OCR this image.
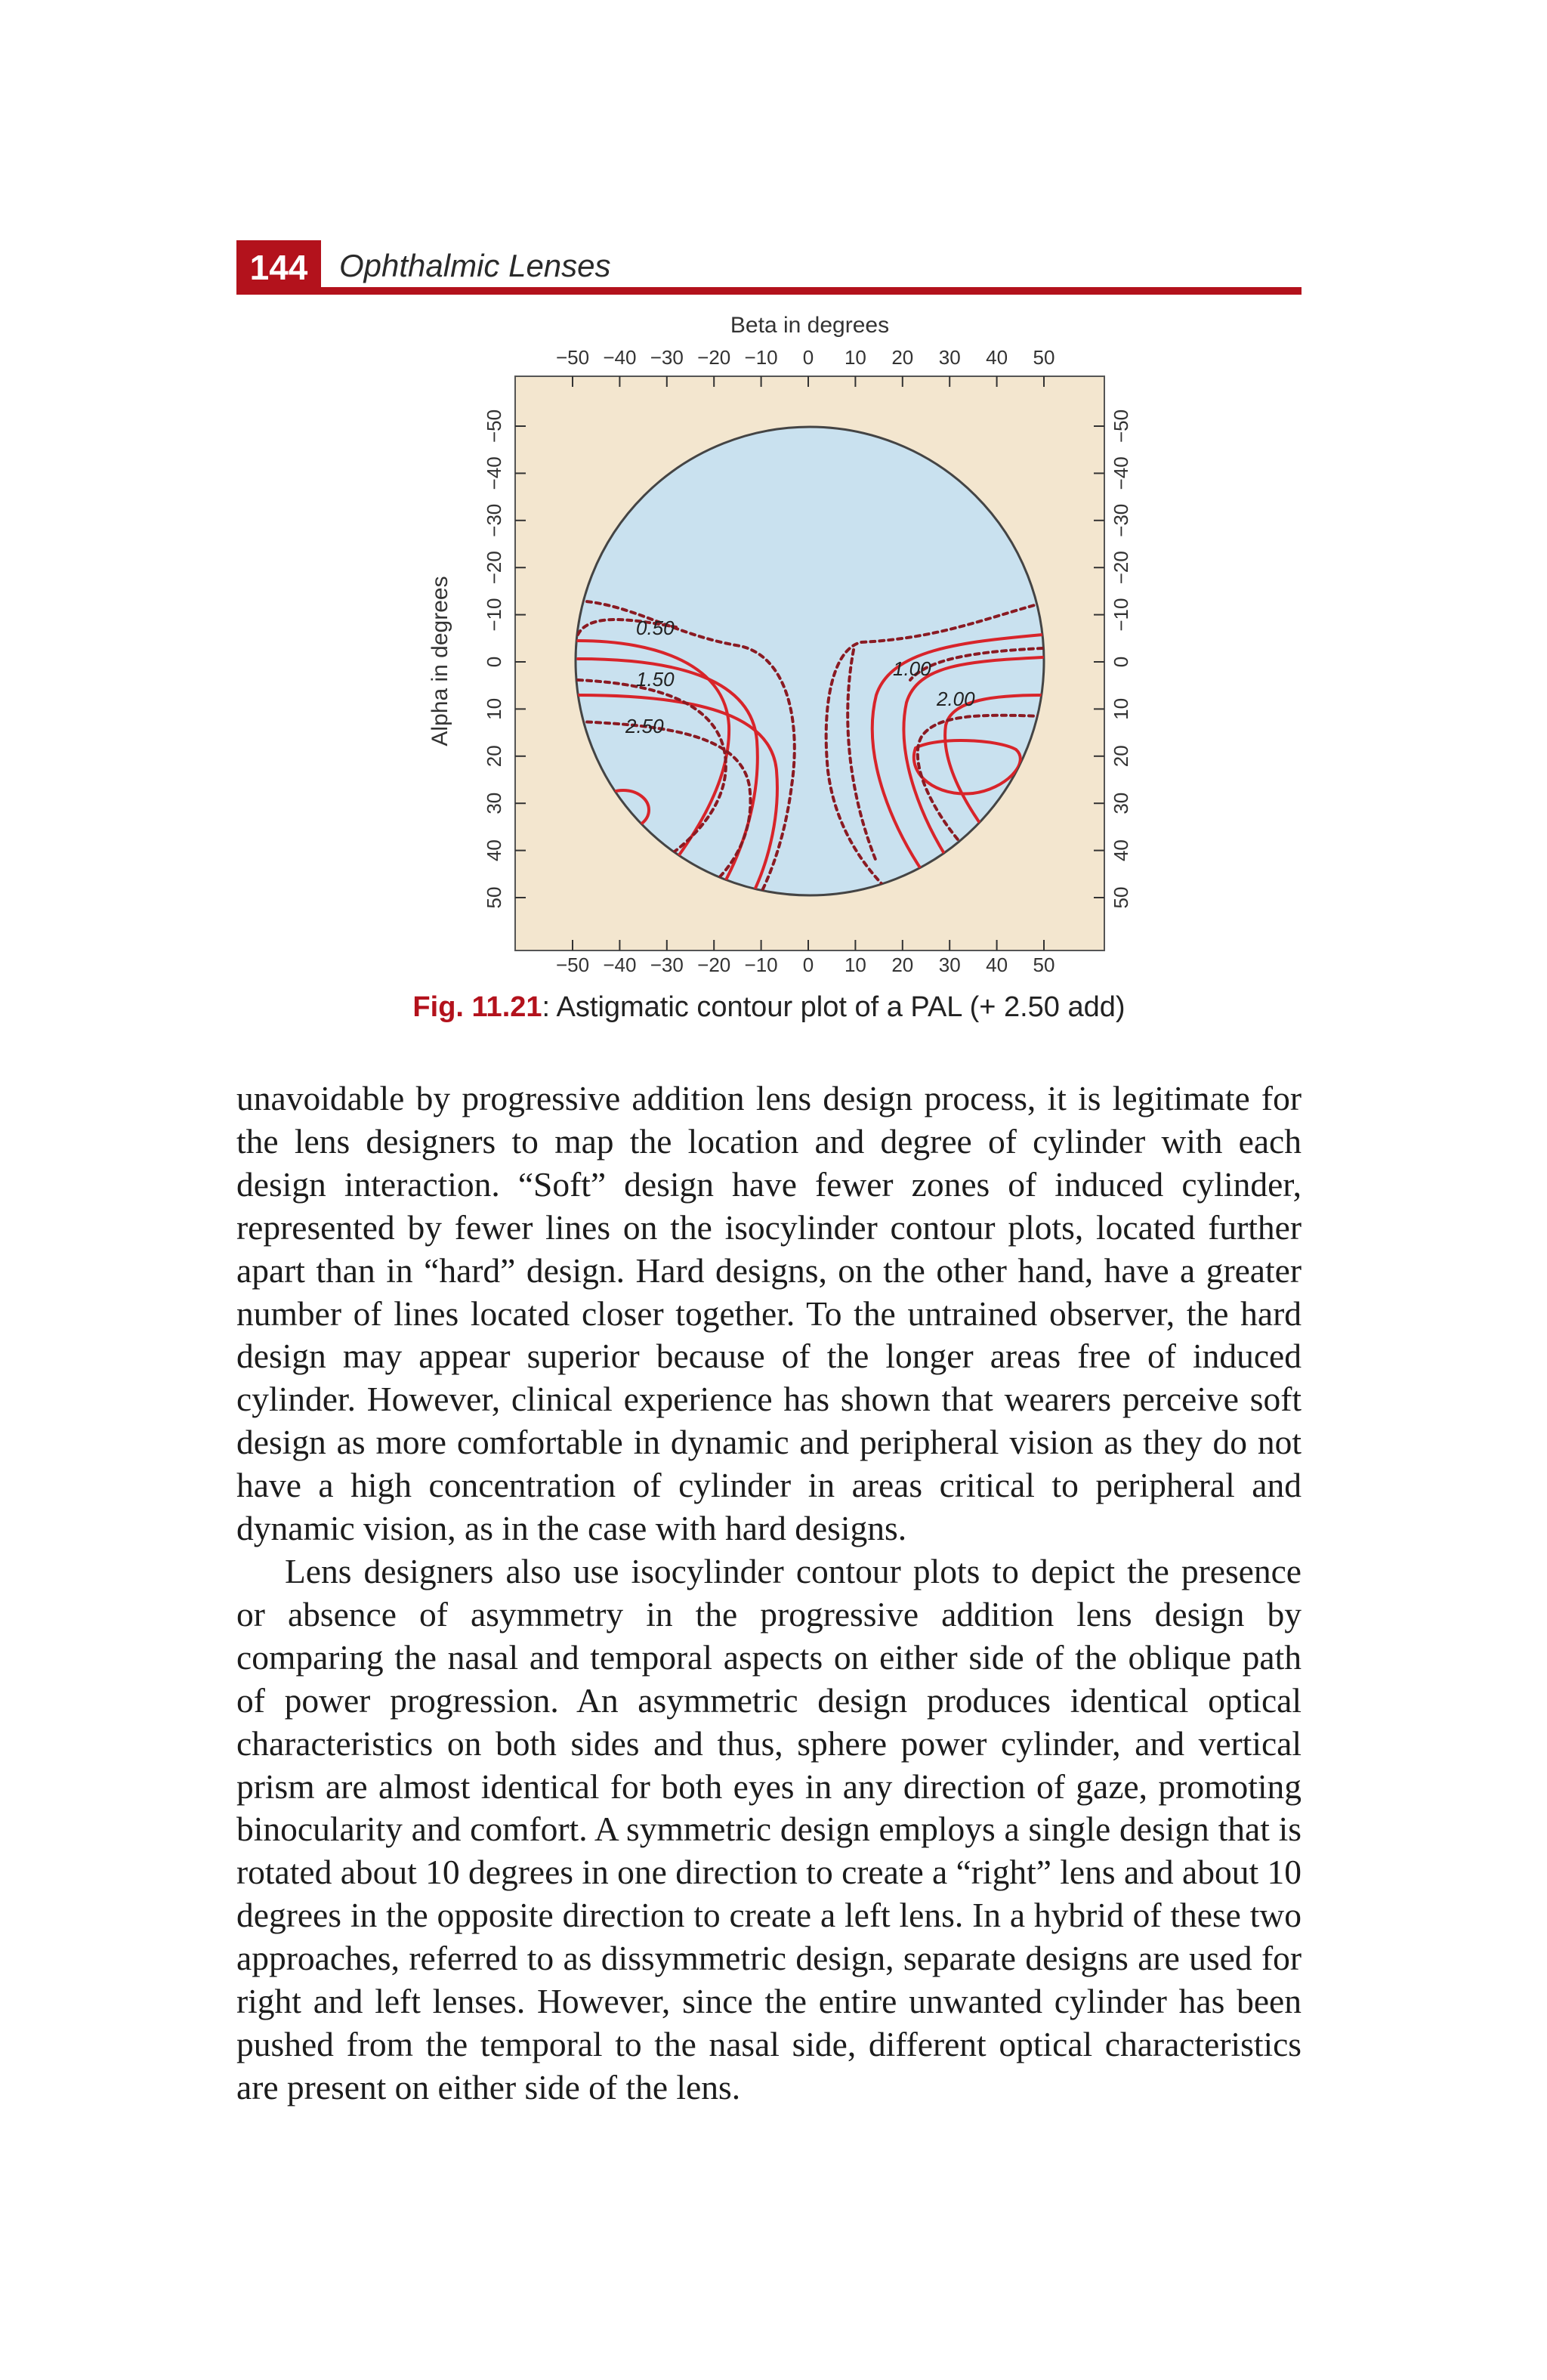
144 Ophthalmic Lenses
0.50
1.50
2.50
1.00
2.00
Beta in degrees
Alpha in degrees
−50
−50
−40
−40
−30
−30
−20
−20
−10
−10
0
0
10
10
20
20
30
30
40
40
50
50
−50	−50
−40	−40
−30	−30
−20	−20
−10	−10
0	0
10	10
20	20
30	30
40	40
50	50
Fig. 11.21: Astigmatic contour plot of a PAL (+ 2.50 add)

unavoidable by progressive addition lens design process, it is legitimate for the lens designers to map the location and degree of cylinder with each design interaction. “Soft” design have fewer zones of induced cylinder, represented by fewer lines on the isocylinder contour plots, located further apart than in “hard” design. Hard designs, on the other hand, have a greater number of lines located closer together. To the untrained observer, the hard design may appear superior because of the longer areas free of induced cylinder. However, clinical experience has shown that wearers perceive soft design as more comfortable in dynamic and peripheral vision as they do not have a high concentration of cylinder in areas critical to peripheral and dynamic vision, as in the case with hard designs.

Lens designers also use isocylinder contour plots to depict the presence or absence of asymmetry in the progressive addition lens design by comparing the nasal and temporal aspects on either side of the oblique path of power progression. An asymmetric design produces identical optical characteristics on both sides and thus, sphere power cylinder, and vertical prism are almost identical for both eyes in any direction of gaze, promoting binocularity and comfort. A symmetric design employs a single design that is rotated about 10 degrees in one direction to create a “right” lens and about 10 degrees in the opposite direction to create a left lens. In a hybrid of these two approaches, referred to as dissymmetric design, separate designs are used for right and left lenses. However, since the entire unwanted cylinder has been pushed from the temporal to the nasal side, different optical characteristics are present on either side of the lens.
